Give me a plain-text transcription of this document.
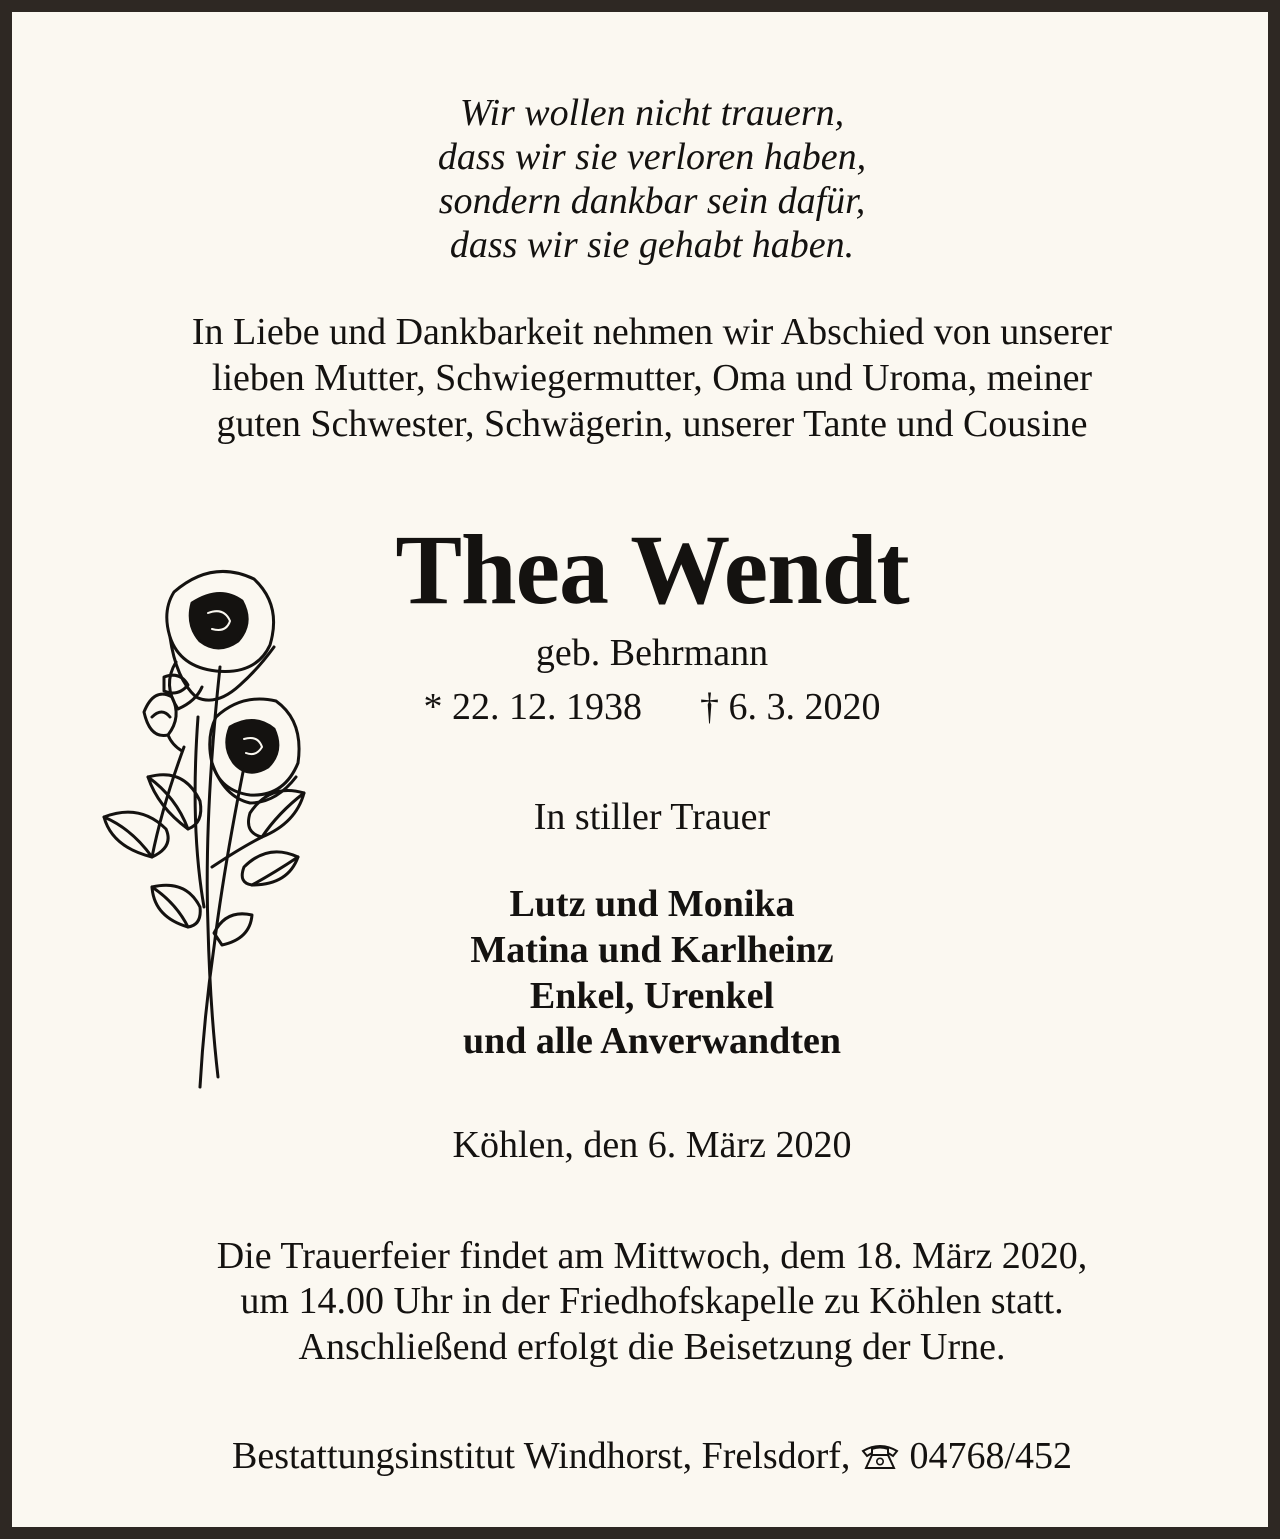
Wir wollen nicht trauern,
dass wir sie verloren haben,
sondern dankbar sein dafür,
dass wir sie gehabt haben.
In Liebe und Dankbarkeit nehmen wir Abschied von unserer
lieben Mutter, Schwiegermutter, Oma und Uroma, meiner
guten Schwester, Schwägerin, unserer Tante und Cousine
Thea Wendt
geb. Behrmann
* 22. 12. 1938 † 6. 3. 2020
In stiller Trauer
Lutz und Monika
Matina und Karlheinz
Enkel, Urenkel
und alle Anverwandten
Köhlen, den 6. März 2020
Die Trauerfeier findet am Mittwoch, dem 18. März 2020,
um 14.00 Uhr in der Friedhofskapelle zu Köhlen statt.
Anschließend erfolgt die Beisetzung der Urne.
Bestattungsinstitut Windhorst, Frelsdorf, 04768/452
